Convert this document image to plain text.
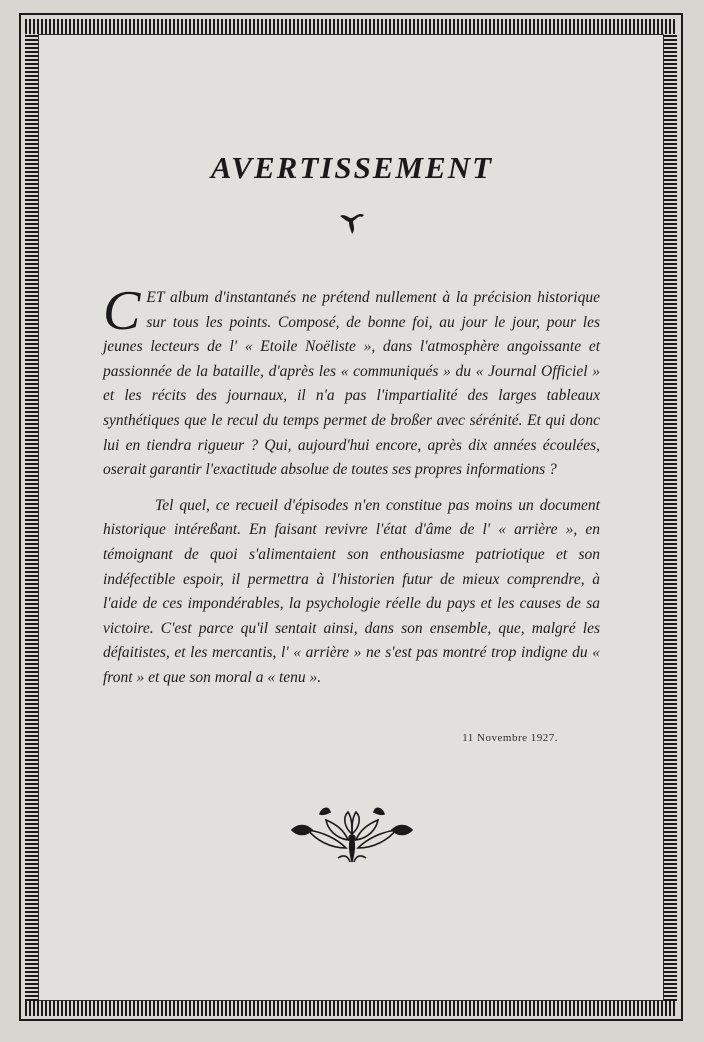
AVERTISSEMENT

CET album d'instantanés ne prétend nullement à la précision historique sur tous les points. Composé, de bonne foi, au jour le jour, pour les jeunes lecteurs de l' « Etoile Noëliste », dans l'atmosphère angoissante et passionnée de la bataille, d'après les « communiqués » du « Journal Officiel » et les récits des journaux, il n'a pas l'impartialité des larges tableaux synthétiques que le recul du temps permet de broßer avec sérénité. Et qui donc lui en tiendra rigueur ? Qui, aujourd'hui encore, après dix années écoulées, oserait garantir l'exactitude absolue de toutes ses propres informations ?

Tel quel, ce recueil d'épisodes n'en constitue pas moins un document historique intéreßant. En faisant revivre l'état d'âme de l' « arrière », en témoignant de quoi s'alimentaient son enthousiasme patriotique et son indéfectible espoir, il permettra à l'historien futur de mieux comprendre, à l'aide de ces impondérables, la psychologie réelle du pays et les causes de sa victoire. C'est parce qu'il sentait ainsi, dans son ensemble, que, malgré les défaitistes, et les mercantis, l' « arrière » ne s'est pas montré trop indigne du « front » et que son moral a « tenu ».

11 Novembre 1927.
